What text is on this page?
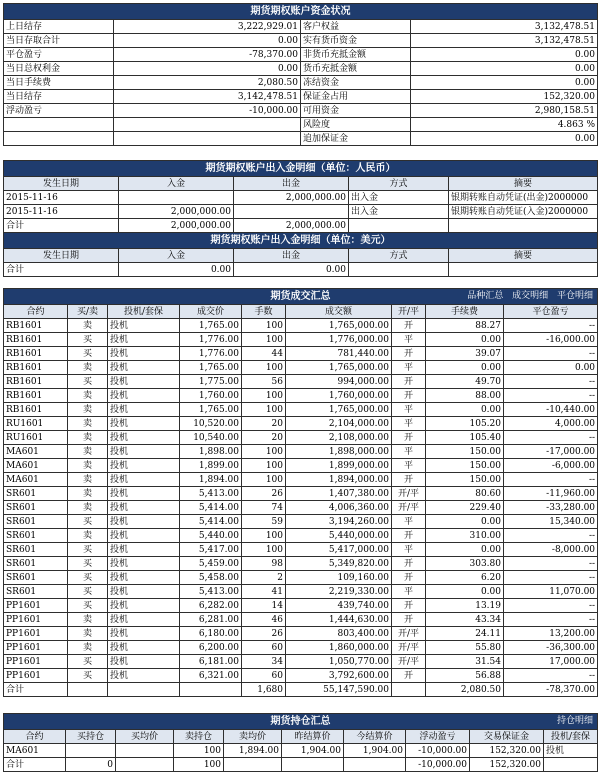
期货期权账户资金状况			
上日结存	3,222,929.01	客户权益	3,132,478.51
当日存取合计	0.00	实有货币资金	3,132,478.51
平仓盈亏	-78,370.00	非货币充抵金额	0.00
当日总权利金	0.00	货币充抵金额	0.00
当日手续费	2,080.50	冻结资金	0.00
当日结存	3,142,478.51	保证金占用	152,320.00
浮动盈亏	-10,000.00	可用资金	2,980,158.51
		风险度	4.863 %
		追加保证金	0.00
期货期权账户出入金明细（单位：人民币）				
发生日期	入金	出金	方式	摘要
2015-11-16		2,000,000.00	出入金	银期转账自动凭证(出金)2000000
2015-11-16	2,000,000.00		出入金	银期转账自动凭证(入金)2000000
合计	2,000,000.00	2,000,000.00		
期货期权账户出入金明细（单位：美元）				
发生日期	入金	出金	方式	摘要
合计	0.00	0.00		
期货成交汇总 品种汇总 成交明细 平仓明细								

合约	买/卖	投机/套保	成交价	手数	成交额	开/平	手续费	平仓盈亏
RB1601	卖	投机	1,765.00	100	1,765,000.00	开	88.27	--
RB1601	买	投机	1,776.00	100	1,776,000.00	平	0.00	-16,000.00
RB1601	买	投机	1,776.00	44	781,440.00	开	39.07	--
RB1601	卖	投机	1,765.00	100	1,765,000.00	平	0.00	0.00
RB1601	买	投机	1,775.00	56	994,000.00	开	49.70	--
RB1601	卖	投机	1,760.00	100	1,760,000.00	开	88.00	--
RB1601	卖	投机	1,765.00	100	1,765,000.00	平	0.00	-10,440.00
RU1601	卖	投机	10,520.00	20	2,104,000.00	平	105.20	4,000.00
RU1601	卖	投机	10,540.00	20	2,108,000.00	开	105.40	--
MA601	卖	投机	1,898.00	100	1,898,000.00	平	150.00	-17,000.00
MA601	卖	投机	1,899.00	100	1,899,000.00	平	150.00	-6,000.00
MA601	卖	投机	1,894.00	100	1,894,000.00	开	150.00	--
SR601	卖	投机	5,413.00	26	1,407,380.00	开/平	80.60	-11,960.00
SR601	卖	投机	5,414.00	74	4,006,360.00	开/平	229.40	-33,280.00
SR601	买	投机	5,414.00	59	3,194,260.00	平	0.00	15,340.00
SR601	卖	投机	5,440.00	100	5,440,000.00	开	310.00	--
SR601	买	投机	5,417.00	100	5,417,000.00	平	0.00	-8,000.00
SR601	买	投机	5,459.00	98	5,349,820.00	开	303.80	--
SR601	买	投机	5,458.00	2	109,160.00	开	6.20	--
SR601	买	投机	5,413.00	41	2,219,330.00	平	0.00	11,070.00
PP1601	买	投机	6,282.00	14	439,740.00	开	13.19	--
PP1601	卖	投机	6,281.00	46	1,444,630.00	开	43.34	--
PP1601	卖	投机	6,180.00	26	803,400.00	开/平	24.11	13,200.00
PP1601	卖	投机	6,200.00	60	1,860,000.00	开/平	55.80	-36,300.00
PP1601	买	投机	6,181.00	34	1,050,770.00	开/平	31.54	17,000.00
PP1601	买	投机	6,321.00	60	3,792,600.00	开	56.88	--
合计				1,680	55,147,590.00		2,080.50	-78,370.00
期货持仓汇总 持仓明细									

合约	买持仓	买均价	卖持仓	卖均价	昨结算价	今结算价	浮动盈亏	交易保证金	投机/套保
MA601			100	1,894.00	1,904.00	1,904.00	-10,000.00	152,320.00	投机
合计	0		100				-10,000.00	152,320.00	
